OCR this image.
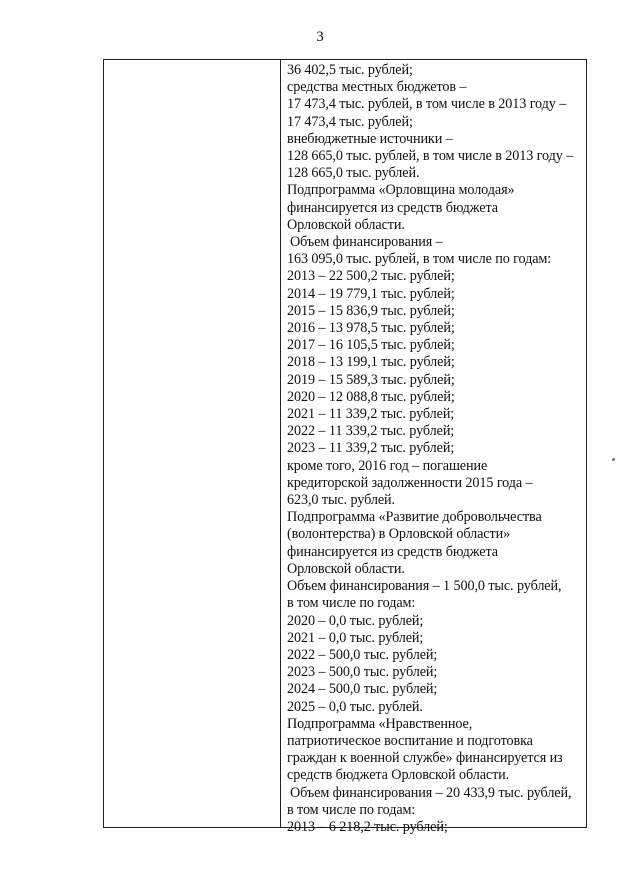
3
36 402,5 тыс. рублей;
средства местных бюджетов –
17 473,4 тыс. рублей, в том числе в 2013 году –
17 473,4 тыс. рублей;
внебюджетные источники –
128 665,0 тыс. рублей, в том числе в 2013 году –
128 665,0 тыс. рублей.
Подпрограмма «Орловщина молодая»
финансируется из средств бюджета
Орловской области.
Объем финансирования –
163 095,0 тыс. рублей, в том числе по годам:
2013 – 22 500,2 тыс. рублей;
2014 – 19 779,1 тыс. рублей;
2015 – 15 836,9 тыс. рублей;
2016 – 13 978,5 тыс. рублей;
2017 – 16 105,5 тыс. рублей;
2018 – 13 199,1 тыс. рублей;
2019 – 15 589,3 тыс. рублей;
2020 – 12 088,8 тыс. рублей;
2021 – 11 339,2 тыс. рублей;
2022 – 11 339,2 тыс. рублей;
2023 – 11 339,2 тыс. рублей;
кроме того, 2016 год – погашение
кредиторской задолженности 2015 года –
623,0 тыс. рублей.
Подпрограмма «Развитие добровольчества
(волонтерства) в Орловской области»
финансируется из средств бюджета
Орловской области.
Объем финансирования – 1 500,0 тыс. рублей,
в том числе по годам:
2020 – 0,0 тыс. рублей;
2021 – 0,0 тыс. рублей;
2022 – 500,0 тыс. рублей;
2023 – 500,0 тыс. рублей;
2024 – 500,0 тыс. рублей;
2025 – 0,0 тыс. рублей.
Подпрограмма «Нравственное,
патриотическое воспитание и подготовка
граждан к военной службе» финансируется из
средств бюджета Орловской области.
Объем финансирования – 20 433,9 тыс. рублей,
в том числе по годам:
2013 – 6 218,2 тыс. рублей;
